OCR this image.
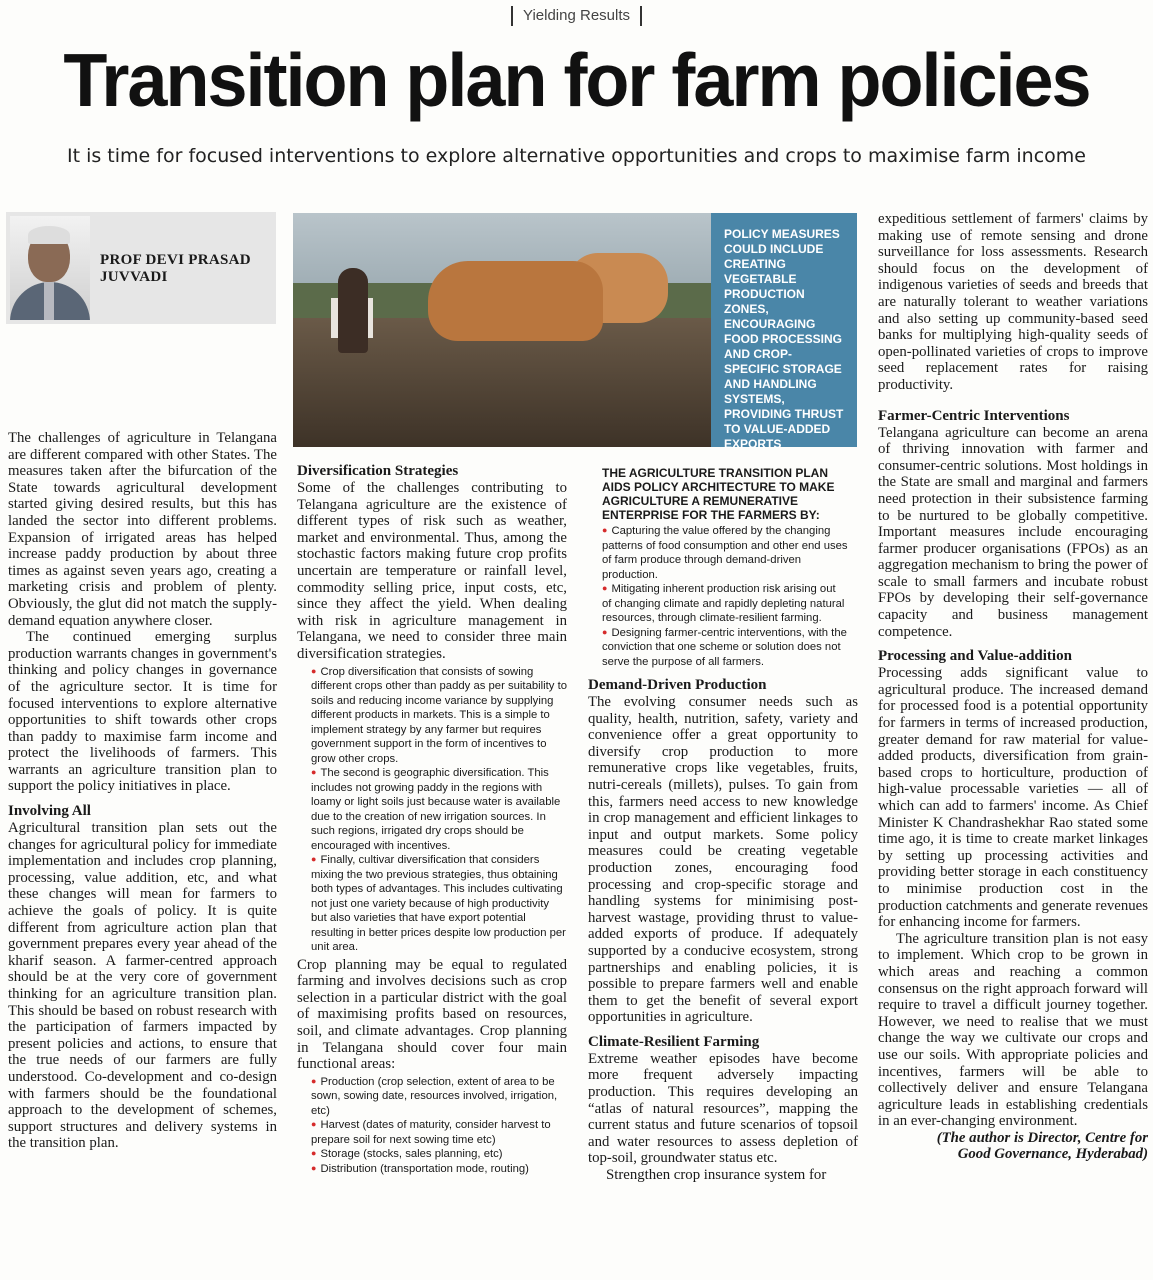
Yielding Results
Transition plan for farm policies
It is time for focused interventions to explore alternative opportunities and crops to maximise farm income
PROF DEVI PRASAD
JUVVADI

POLICY MEASURES COULD INCLUDE CREATING VEGETABLE PRODUCTION ZONES, ENCOURAGING FOOD PROCESSING AND CROP-SPECIFIC STORAGE AND HANDLING SYSTEMS, PROVIDING THRUST TO VALUE-ADDED EXPORTS

The challenges of agriculture in Telangana are different compared with other States. The measures taken after the bifurcation of the State towards agricultural development started giving desired results, but this has landed the sector into different problems. Expansion of irrigated areas has helped increase paddy production by about three times as against seven years ago, creating a marketing crisis and problem of plenty. Obviously, the glut did not match the supply-demand equation anywhere closer.

The continued emerging surplus production warrants changes in government's thinking and policy changes in governance of the agriculture sector. It is time for focused interventions to explore alternative opportunities to shift towards other crops than paddy to maximise farm income and protect the livelihoods of farmers. This warrants an agriculture transition plan to support the policy initiatives in place.

Involving All

Agricultural transition plan sets out the changes for agricultural policy for immediate implementation and includes crop planning, processing, value addition, etc, and what these changes will mean for farmers to achieve the goals of policy. It is quite different from agriculture action plan that government prepares every year ahead of the kharif season. A farmer-centred approach should be at the very core of government thinking for an agriculture transition plan. This should be based on robust research with the participation of farmers impacted by present policies and actions, to ensure that the true needs of our farmers are fully understood. Co-development and co-design with farmers should be the foundational approach to the development of schemes, support structures and delivery systems in the transition plan.

Diversification Strategies

Some of the challenges contributing to Telangana agriculture are the existence of different types of risk such as weather, market and environmental. Thus, among the stochastic factors making future crop profits uncertain are temperature or rainfall level, commodity selling price, input costs, etc, since they affect the yield. When dealing with risk in agriculture management in Telangana, we need to consider three main diversification strategies.

● Crop diversification that consists of sowing different crops other than paddy as per suitability to soils and reducing income variance by supplying different products in markets. This is a simple to implement strategy by any farmer but requires government support in the form of incentives to grow other crops.
● The second is geographic diversification. This includes not growing paddy in the regions with loamy or light soils just because water is available due to the creation of new irrigation sources. In such regions, irrigated dry crops should be encouraged with incentives.
● Finally, cultivar diversification that considers mixing the two previous strategies, thus obtaining both types of advantages. This includes cultivating not just one variety because of high productivity but also varieties that have export potential resulting in better prices despite low production per unit area.

Crop planning may be equal to regulated farming and involves decisions such as crop selection in a particular district with the goal of maximising profits based on resources, soil, and climate advantages. Crop planning in Telangana should cover four main functional areas:

● Production (crop selection, extent of area to be sown, sowing date, resources involved, irrigation, etc)
● Harvest (dates of maturity, consider harvest to prepare soil for next sowing time etc)
● Storage (stocks, sales planning, etc)
● Distribution (transportation mode, routing)
THE AGRICULTURE TRANSITION PLAN AIDS POLICY ARCHITECTURE TO MAKE AGRICULTURE A REMUNERATIVE ENTERPRISE FOR THE FARMERS BY:
● Capturing the value offered by the changing patterns of food consumption and other end uses of farm produce through demand-driven production.
● Mitigating inherent production risk arising out of changing climate and rapidly depleting natural resources, through climate-resilient farming.
● Designing farmer-centric interventions, with the conviction that one scheme or solution does not serve the purpose of all farmers.
Demand-Driven Production

The evolving consumer needs such as quality, health, nutrition, safety, variety and convenience offer a great opportunity to diversify crop production to more remunerative crops like vegetables, fruits, nutri-cereals (millets), pulses. To gain from this, farmers need access to new knowledge in crop management and efficient linkages to input and output markets. Some policy measures could be creating vegetable production zones, encouraging food processing and crop-specific storage and handling systems for minimising post-harvest wastage, providing thrust to value-added exports of produce. If adequately supported by a conducive ecosystem, strong partnerships and enabling policies, it is possible to prepare farmers well and enable them to get the benefit of several export opportunities in agriculture.

Climate-Resilient Farming

Extreme weather episodes have become more frequent adversely impacting production. This requires developing an “atlas of natural resources”, mapping the current status and future scenarios of topsoil and water resources to assess depletion of top-soil, groundwater status etc.

Strengthen crop insurance system for

expeditious settlement of farmers' claims by making use of remote sensing and drone surveillance for loss assessments. Research should focus on the development of indigenous varieties of seeds and breeds that are naturally tolerant to weather variations and also setting up community-based seed banks for multiplying high-quality seeds of open-pollinated varieties of crops to improve seed replacement rates for raising productivity.

Farmer-Centric Interventions

Telangana agriculture can become an arena of thriving innovation with farmer and consumer-centric solutions. Most holdings in the State are small and marginal and farmers need protection in their subsistence farming to be nurtured to be globally competitive. Important measures include encouraging farmer producer organisations (FPOs) as an aggregation mechanism to bring the power of scale to small farmers and incubate robust FPOs by developing their self-governance capacity and business management competence.

Processing and Value-addition

Processing adds significant value to agricultural produce. The increased demand for processed food is a potential opportunity for farmers in terms of increased production, greater demand for raw material for value-added products, diversification from grain-based crops to horticulture, production of high-value processable varieties — all of which can add to farmers' income. As Chief Minister K Chandrashekhar Rao stated some time ago, it is time to create market linkages by setting up processing activities and providing better storage in each constituency to minimise production cost in the production catchments and generate revenues for enhancing income for farmers.

The agriculture transition plan is not easy to implement. Which crop to be grown in which areas and reaching a common consensus on the right approach forward will require to travel a difficult journey together. However, we need to realise that we must change the way we cultivate our crops and use our soils. With appropriate policies and incentives, farmers will be able to collectively deliver and ensure Telangana agriculture leads in establishing credentials in an ever-changing environment.

(The author is Director, Centre for
Good Governance, Hyderabad)
